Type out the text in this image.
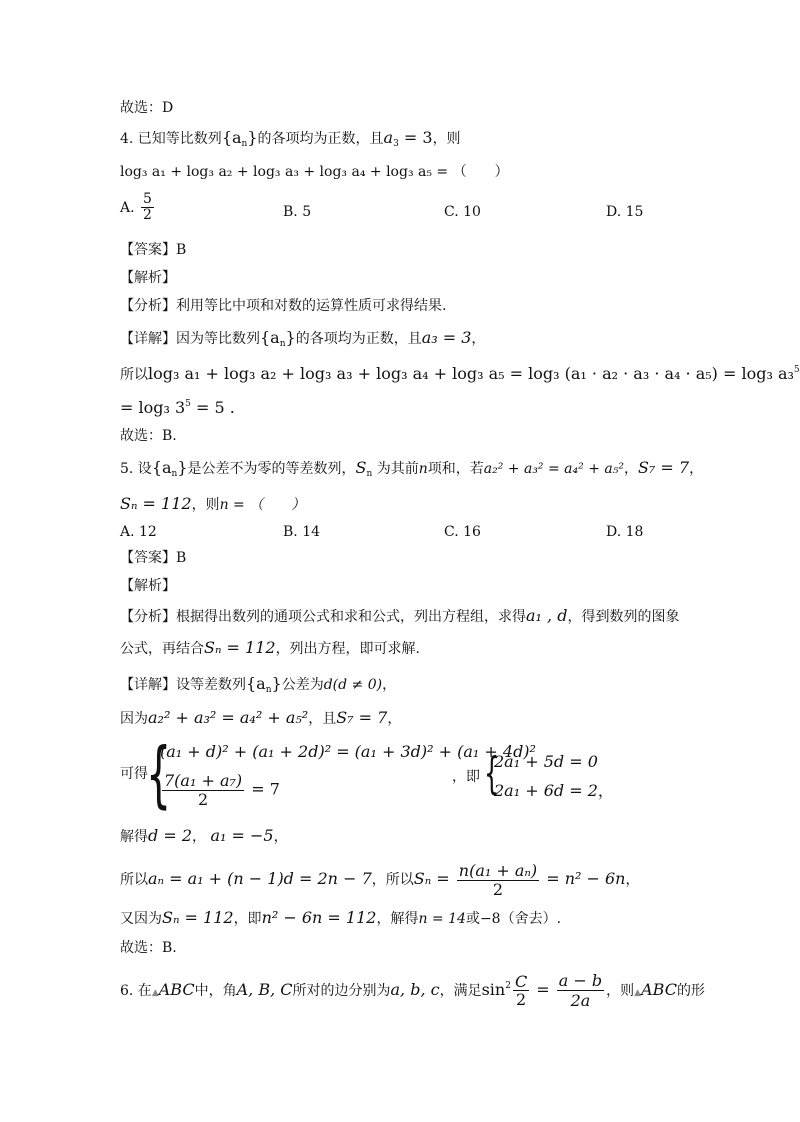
故选：D
4. 已知等比数列$\{a_n\}$的各项均为正数，且$a_3 = 3$，则
log₃ a₁ + log₃ a₂ + log₃ a₃ + log₃ a₄ + log₃ a₅ = （　　）
A. $\frac{5}{2}$	B. 5	C. 10	D. 15
【答案】B
【解析】
【分析】利用等比中项和对数的运算性质可求得结果.
【详解】因为等比数列$\{a_n\}$的各项均为正数，且a₃ = 3，
所以log₃ a₁ + log₃ a₂ + log₃ a₃ + log₃ a₄ + log₃ a₅ = log₃ (a₁ · a₂ · a₃ · a₄ · a₅) = log₃ a₃$^5$
= log₃ $3^5 = 5$ .
故选：B.
5. 设$\{a_n\}$是公差不为零的等差数列，$S_n$ 为其前n项和，若a₂² + a₃² = a₄² + a₅²，S₇ = 7，
Sₙ = 112，则n = （　　）
A. 12	B. 14	C. 16	D. 18
【答案】B
【解析】
【分析】根据得出数列的通项公式和求和公式，列出方程组，求得a₁ , d，得到数列的图象
公式，再结合Sₙ = 112，列出方程，即可求解.
【详解】设等差数列$\{a_n\}$公差为d(d ≠ 0)，
因为a₂² + a₃² = a₄² + a₅²，且S₇ = 7，
可得
{
(a₁ + d)² + (a₁ + 2d)² = (a₁ + 3d)² + (a₁ + 4d)²
$\frac{\text{7(a₁ + a₇)}}{2} = 7$
，即 {
2a₁ + 5d = 0
2a₁ + 6d = 2，
解得d = 2， a₁ = −5，
所以aₙ = a₁ + (n − 1)d = 2n − 7，所以$S_n = \frac{\text{n(a₁ + aₙ)}}{2} = n^2 - 6n$，
又因为Sₙ = 112，即n² − 6n = 112，解得n = 14或−8（舍去）.
故选：B.
6. 在▲ABC中，角A, B, C所对的边分别为a, b, c，满足$\sin^2 \frac{C}{2} = \frac{a - b}{2a}$ ，则▲ABC的形
